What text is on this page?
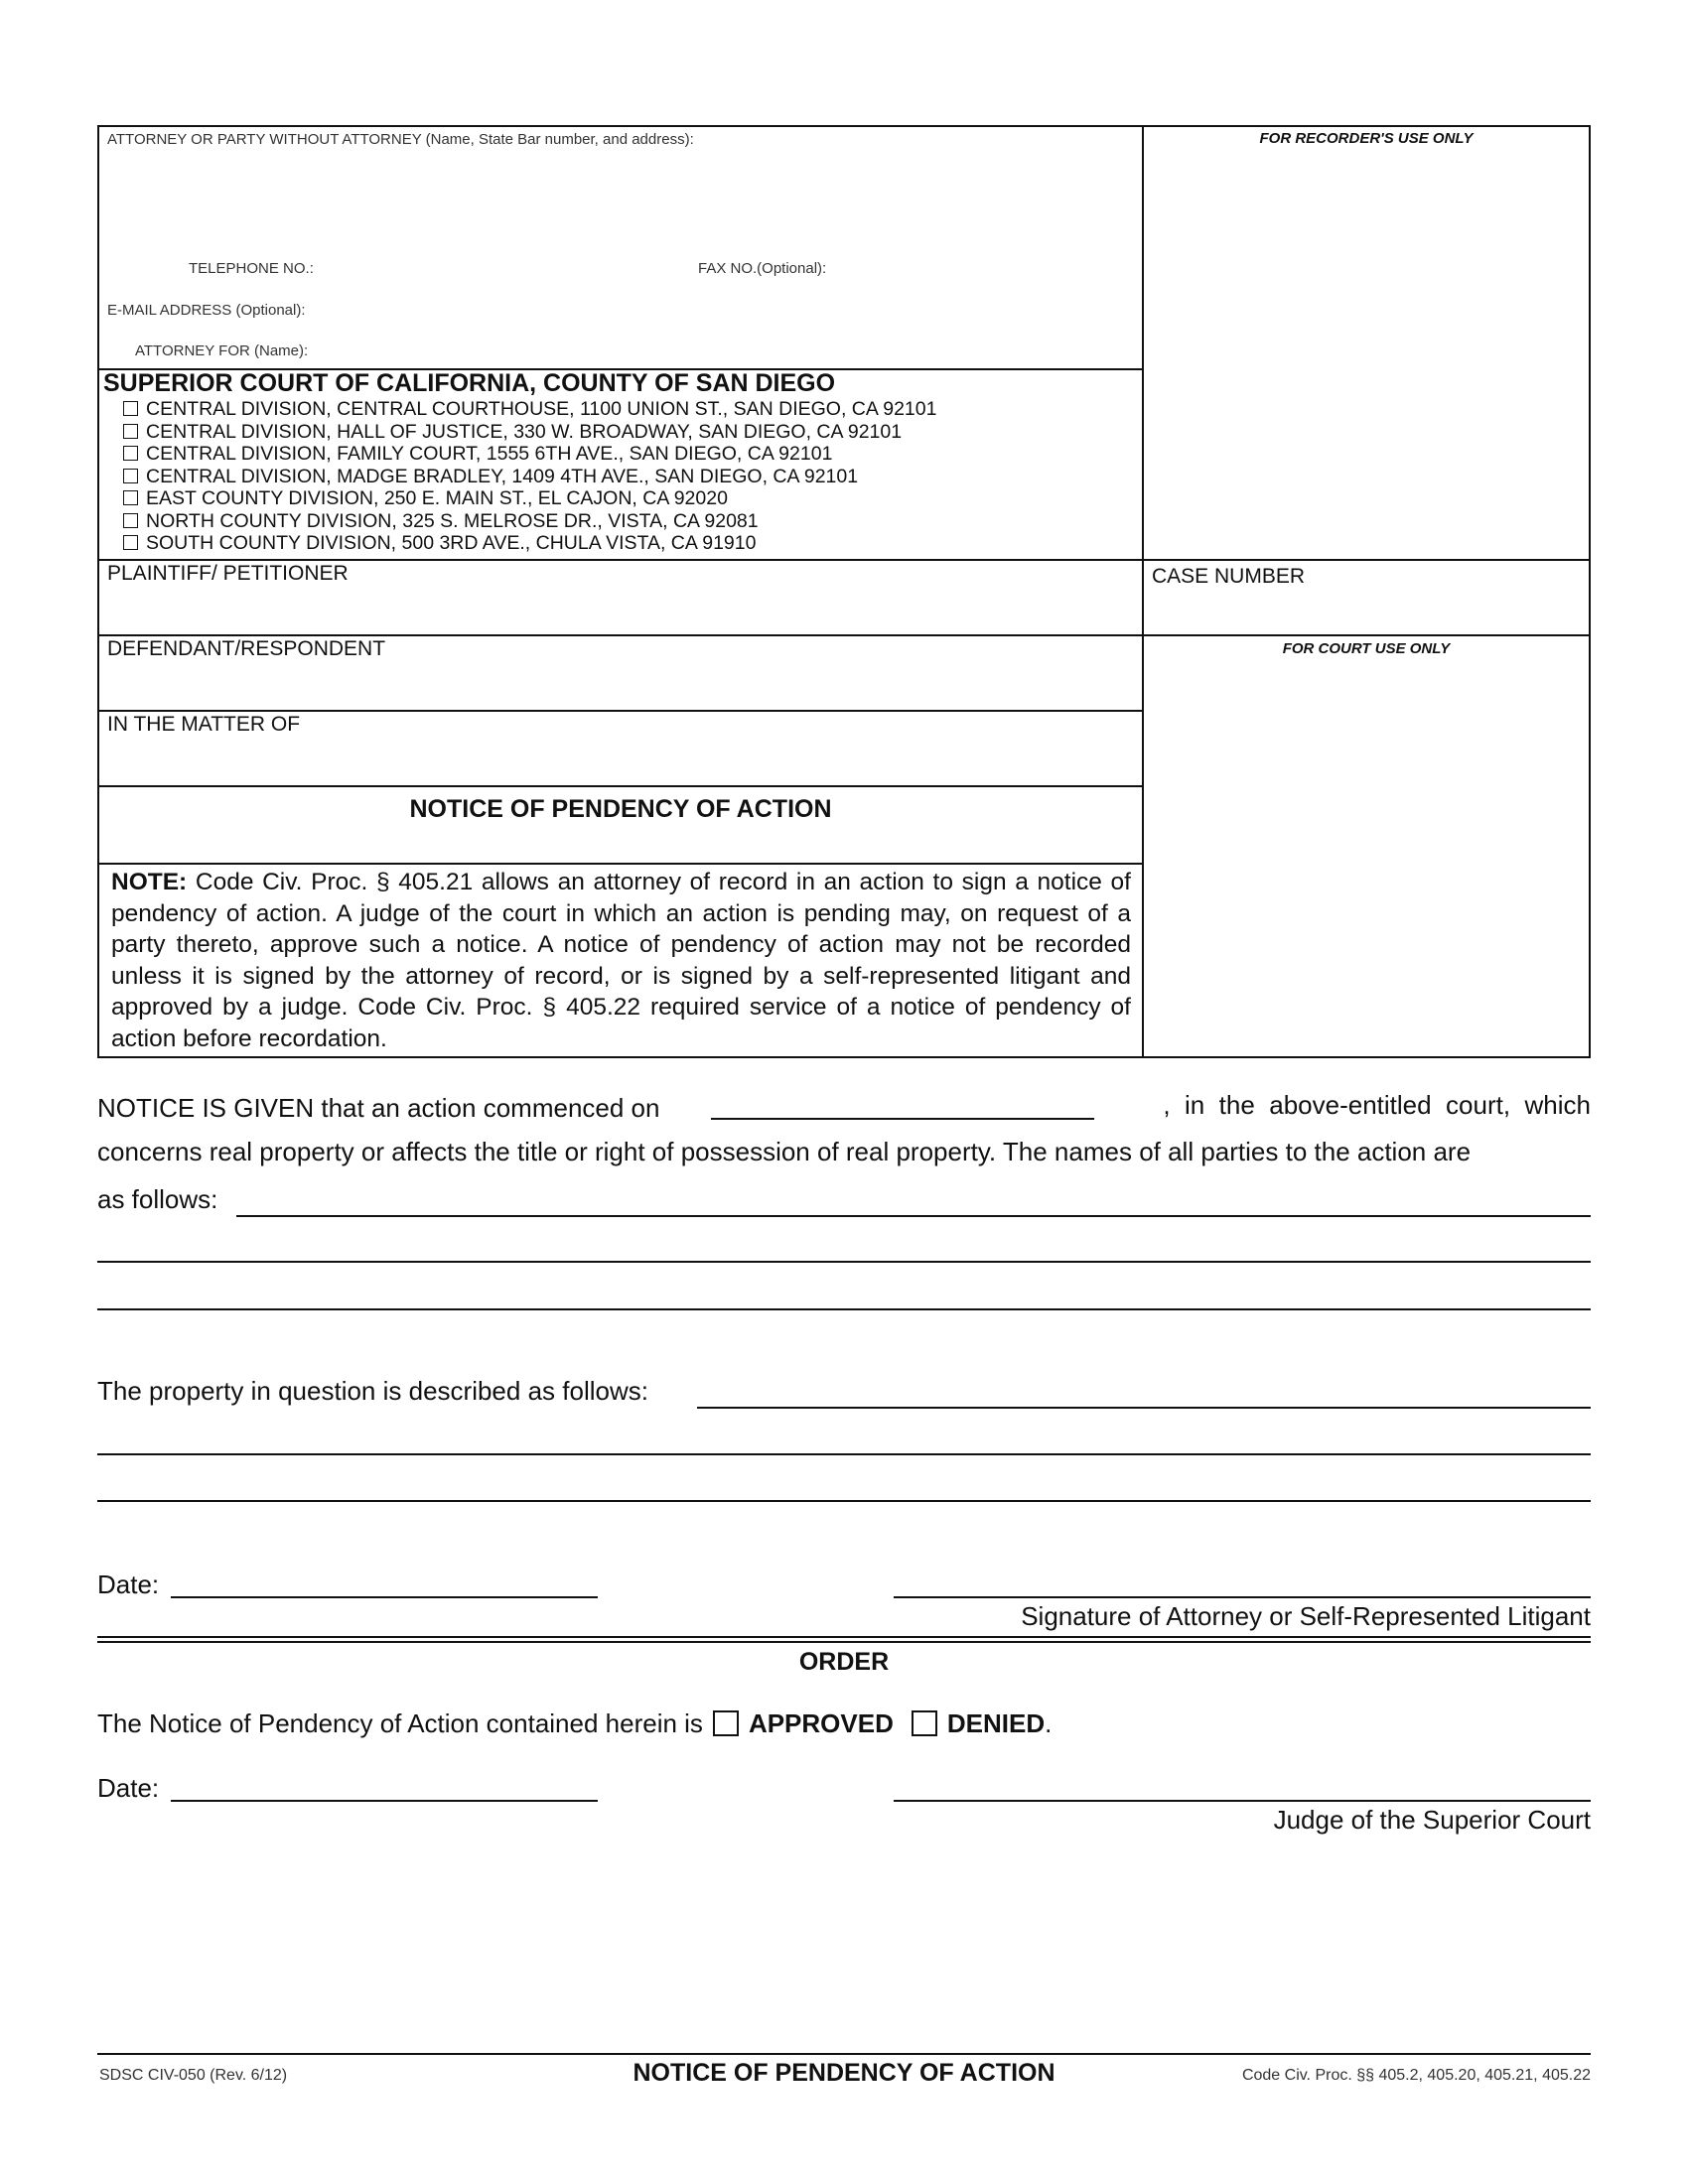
ATTORNEY OR PARTY WITHOUT ATTORNEY (Name, State Bar number, and address):
TELEPHONE NO.:	FAX NO.(Optional):
E-MAIL ADDRESS (Optional):
ATTORNEY FOR (Name):
FOR RECORDER'S USE ONLY
SUPERIOR COURT OF CALIFORNIA, COUNTY OF SAN DIEGO
CENTRAL DIVISION, CENTRAL COURTHOUSE, 1100 UNION ST., SAN DIEGO, CA 92101
CENTRAL DIVISION, HALL OF JUSTICE, 330 W. BROADWAY, SAN DIEGO, CA 92101
CENTRAL DIVISION, FAMILY COURT, 1555 6TH AVE., SAN DIEGO, CA 92101
CENTRAL DIVISION, MADGE BRADLEY, 1409 4TH AVE., SAN DIEGO, CA 92101
EAST COUNTY DIVISION, 250 E. MAIN ST., EL CAJON, CA 92020
NORTH COUNTY DIVISION, 325 S. MELROSE DR., VISTA, CA 92081
SOUTH COUNTY DIVISION, 500 3RD AVE., CHULA VISTA, CA 91910
PLAINTIFF/ PETITIONER	CASE NUMBER
DEFENDANT/RESPONDENT	FOR COURT USE ONLY
IN THE MATTER OF
NOTICE OF PENDENCY OF ACTION
NOTE: Code Civ. Proc. § 405.21 allows an attorney of record in an action to sign a notice of pendency of action. A judge of the court in which an action is pending may, on request of a party thereto, approve such a notice. A notice of pendency of action may not be recorded unless it is signed by the attorney of record, or is signed by a self-represented litigant and approved by a judge. Code Civ. Proc. § 405.22 required service of a notice of pendency of action before recordation.
NOTICE IS GIVEN that an action commenced on	,  in  the  above-entitled  court,  which
concerns real property or affects the title or right of possession of real property. The names of all parties to the action are
as follows:
The property in question is described as follows:
Date:
Signature of Attorney or Self-Represented Litigant
ORDER
The Notice of Pendency of Action contained herein is APPROVED DENIED.
Date:
Judge of the Superior Court
SDSC CIV-050 (Rev. 6/12)	NOTICE OF PENDENCY OF ACTION	Code Civ. Proc. §§ 405.2, 405.20, 405.21, 405.22
